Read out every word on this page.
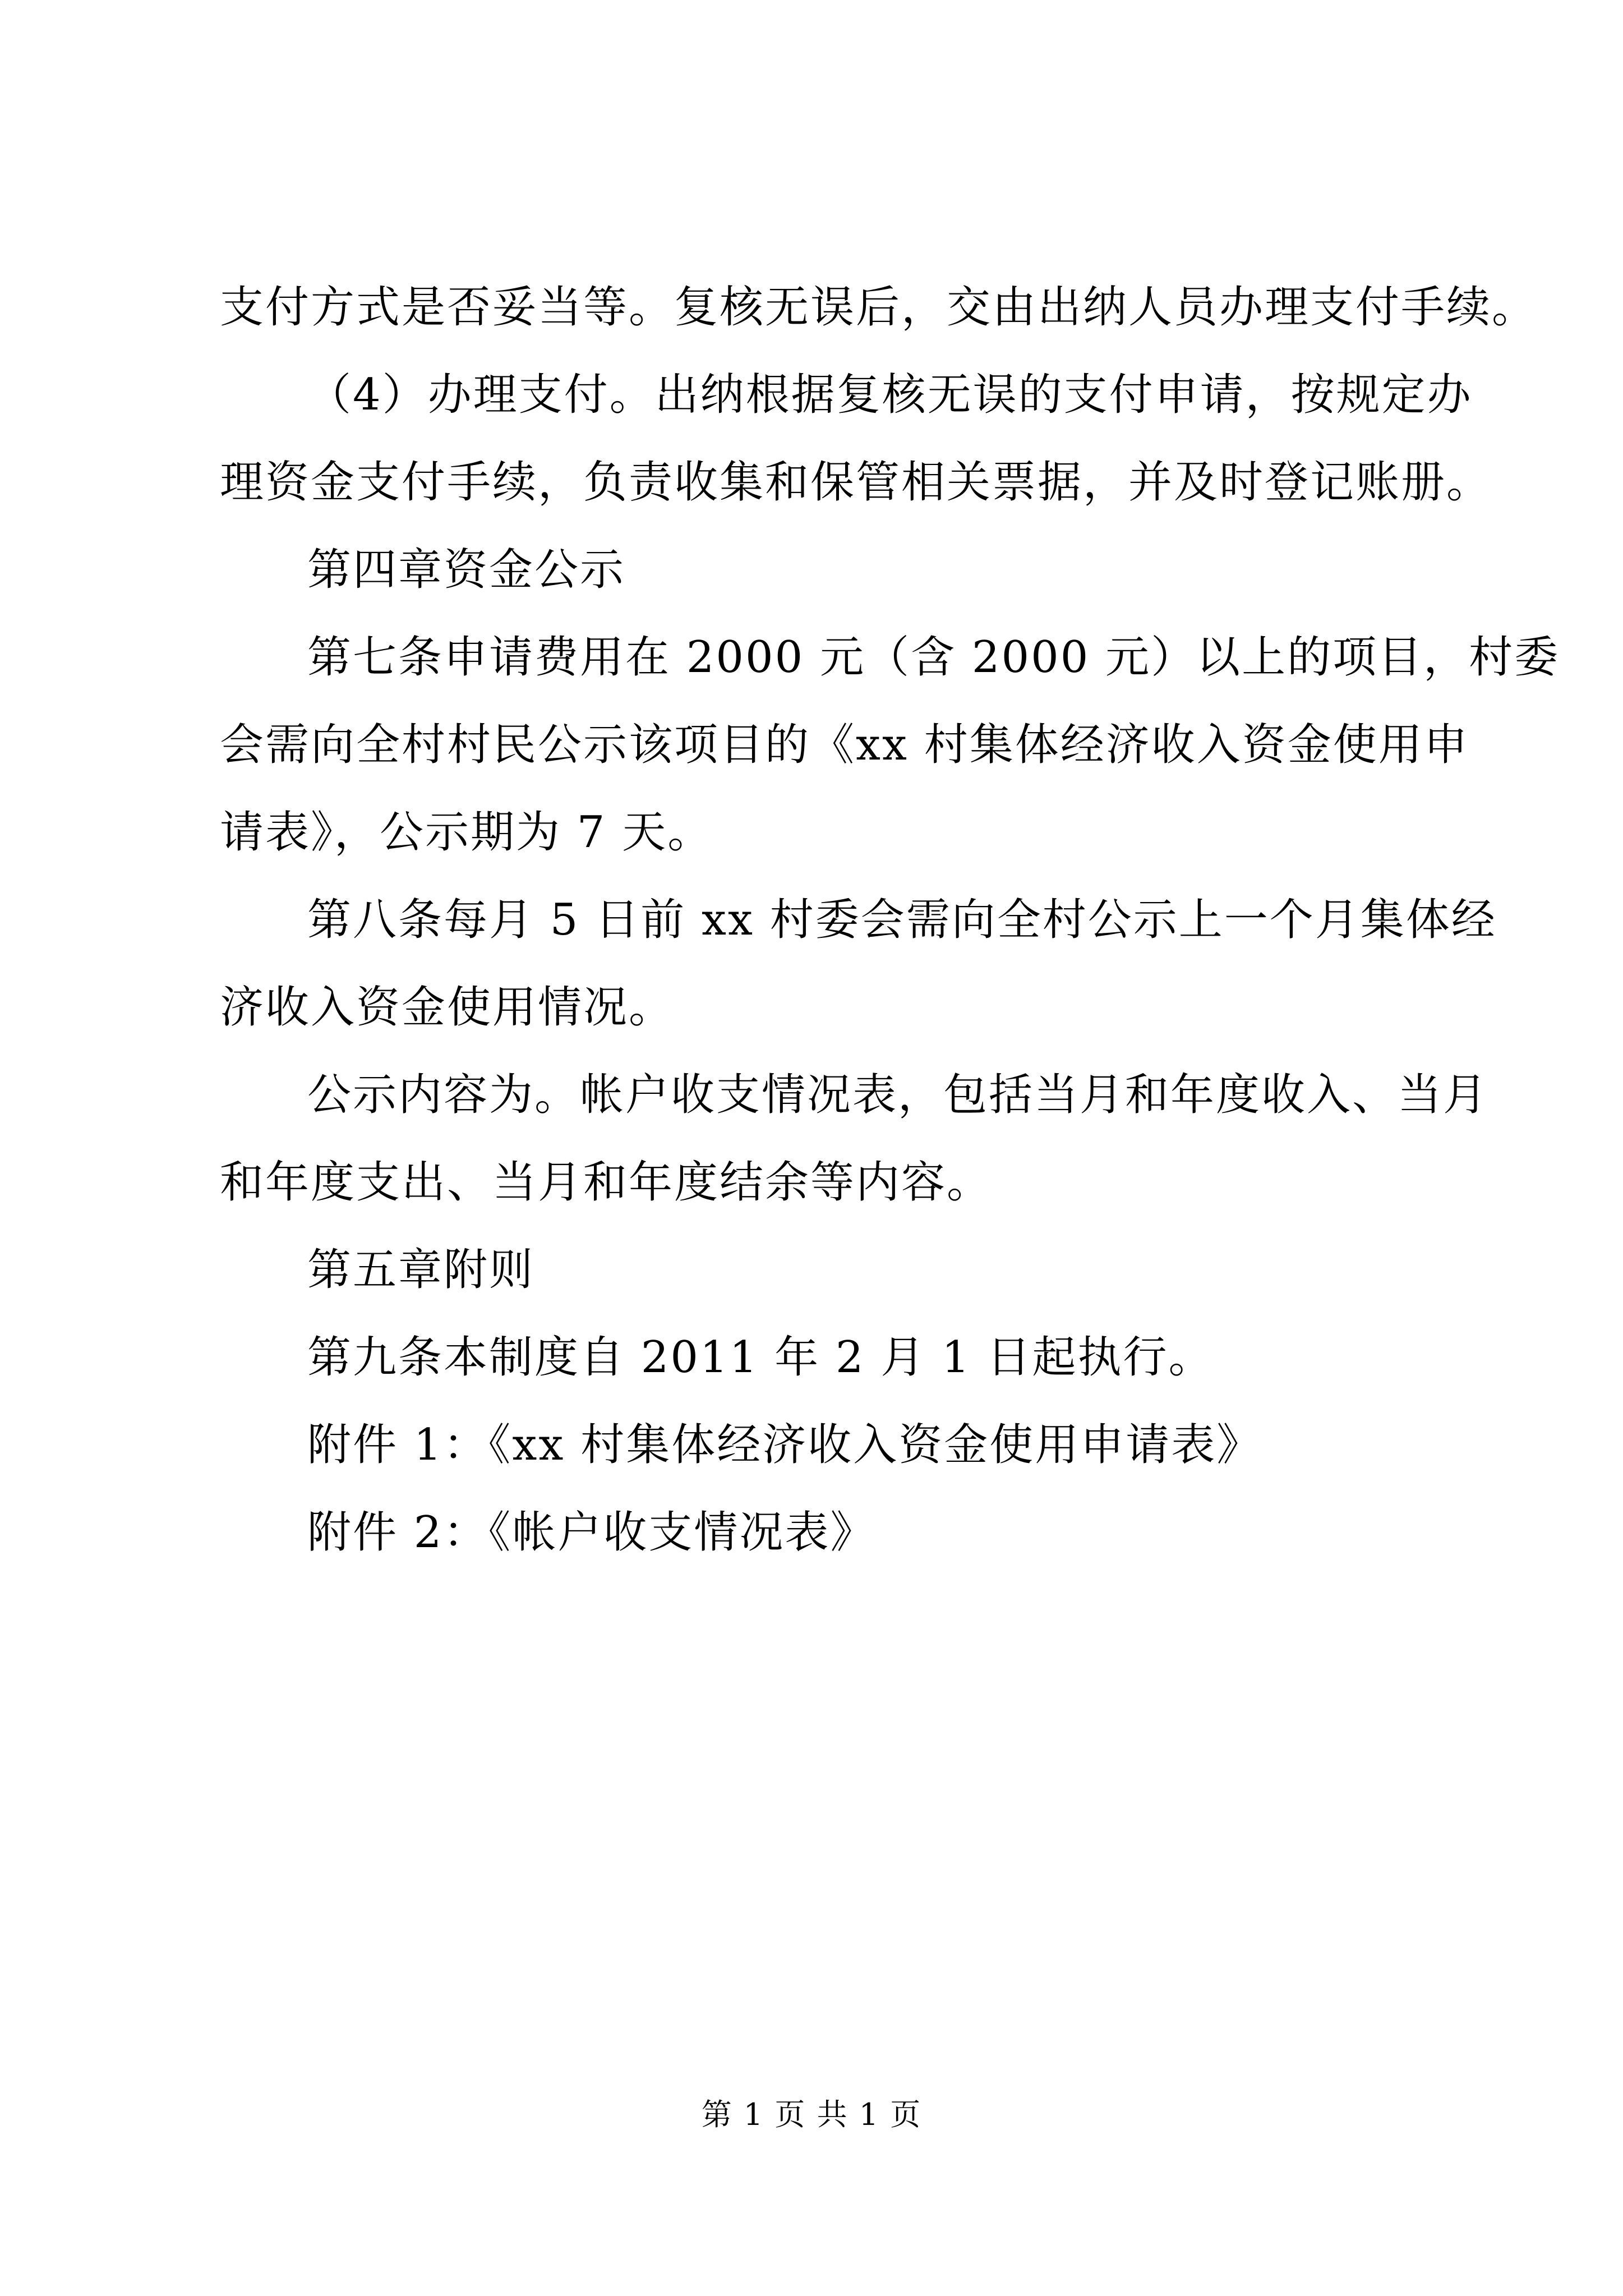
支付方式是否妥当等。复核无误后，交由出纳人员办理支付手续。
（4）办理支付。出纳根据复核无误的支付申请，按规定办
理资金支付手续，负责收集和保管相关票据，并及时登记账册。
第四章资金公示
第七条申请费用在 2000 元（含 2000 元）以上的项目，村委
会需向全村村民公示该项目的《xx 村集体经济收入资金使用申
请表》，公示期为 7 天。
第八条每月 5 日前 xx 村委会需向全村公示上一个月集体经
济收入资金使用情况。
公示内容为。帐户收支情况表，包括当月和年度收入、当月
和年度支出、当月和年度结余等内容。
第五章附则
第九条本制度自 2011 年 2 月 1 日起执行。
附件 1：《xx 村集体经济收入资金使用申请表》
附件 2：《帐户收支情况表》
第 1 页 共 1 页
